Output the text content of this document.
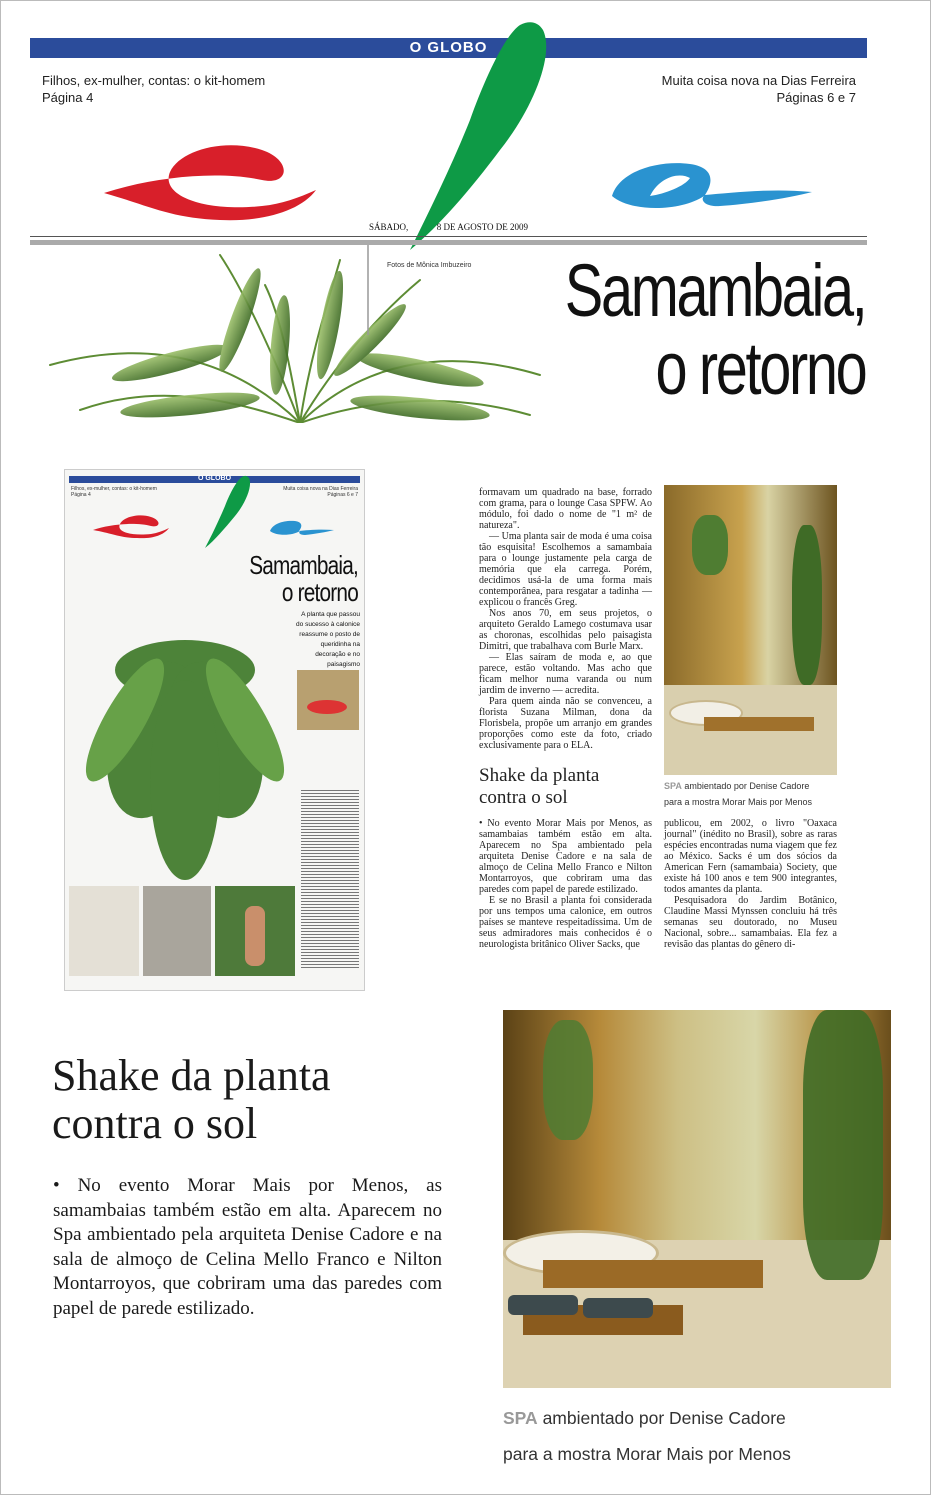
O GLOBO
Filhos, ex-mulher, contas: o kit-homem
Página 4
Muita coisa nova na Dias Ferreira
Páginas 6 e 7
SÁBADO,	8 DE AGOSTO DE 2009
Fotos de Mônica Imbuzeiro Samambaia,
o retorno
O GLOBO
Filhos, ex-mulher, contas: o kit-homem
Página 4
Muita coisa nova na Dias Ferreira
Páginas 6 e 7
Samambaia,
o retorno
A planta que passou do sucesso à calonice reassume o posto de queridinha na decoração e no paisagismo

formavam um quadrado na base, forrado com grama, para o lounge Casa SPFW. Ao módulo, foi dado o nome de "1 m² de natureza".

— Uma planta sair de moda é uma coisa tão esquisita! Escolhemos a samambaia para o lounge justamente pela carga de memória que ela carrega. Porém, decidimos usá-la de uma forma mais contemporânea, para resgatar a tadinha — explicou o francês Greg.

Nos anos 70, em seus projetos, o arquiteto Geraldo Lamego costumava usar as choronas, escolhidas pelo paisagista Dimitri, que trabalhava com Burle Marx.

— Elas saíram de moda e, ao que parece, estão voltando. Mas acho que ficam melhor numa varanda ou num jardim de inverno — acredita.

Para quem ainda não se convenceu, a florista Suzana Milman, dona da Florisbela, propõe um arranjo em grandes proporções como este da foto, criado exclusivamente para o ELA.

Shake da planta
contra o sol
SPA ambientado por Denise Cadore
para a mostra Morar Mais por Menos

• No evento Morar Mais por Menos, as samambaias também estão em alta. Aparecem no Spa ambientado pela arquiteta Denise Cadore e na sala de almoço de Celina Mello Franco e Nilton Montarroyos, que cobriram uma das paredes com papel de parede estilizado.

E se no Brasil a planta foi considerada por uns tempos uma calonice, em outros países se manteve respeitadíssima. Um de seus admiradores mais conhecidos é o neurologista britânico Oliver Sacks, que

publicou, em 2002, o livro "Oaxaca journal" (inédito no Brasil), sobre as raras espécies encontradas numa viagem que fez ao México. Sacks é um dos sócios da American Fern (samambaia) Society, que existe há 100 anos e tem 900 integrantes, todos amantes da planta.

Pesquisadora do Jardim Botânico, Claudine Massi Mynssen concluiu há três semanas seu doutorado, no Museu Nacional, sobre... samambaias. Ela fez a revisão das plantas do gênero di-

Shake da planta
contra o sol
• No evento Morar Mais por Menos, as samambaias também estão em alta. Aparecem no Spa ambientado pela arquiteta Denise Cadore e na sala de almoço de Celina Mello Franco e Nilton Montarroyos, que cobriram uma das paredes com papel de parede estilizado.
SPA ambientado por Denise Cadore
para a mostra Morar Mais por Menos
